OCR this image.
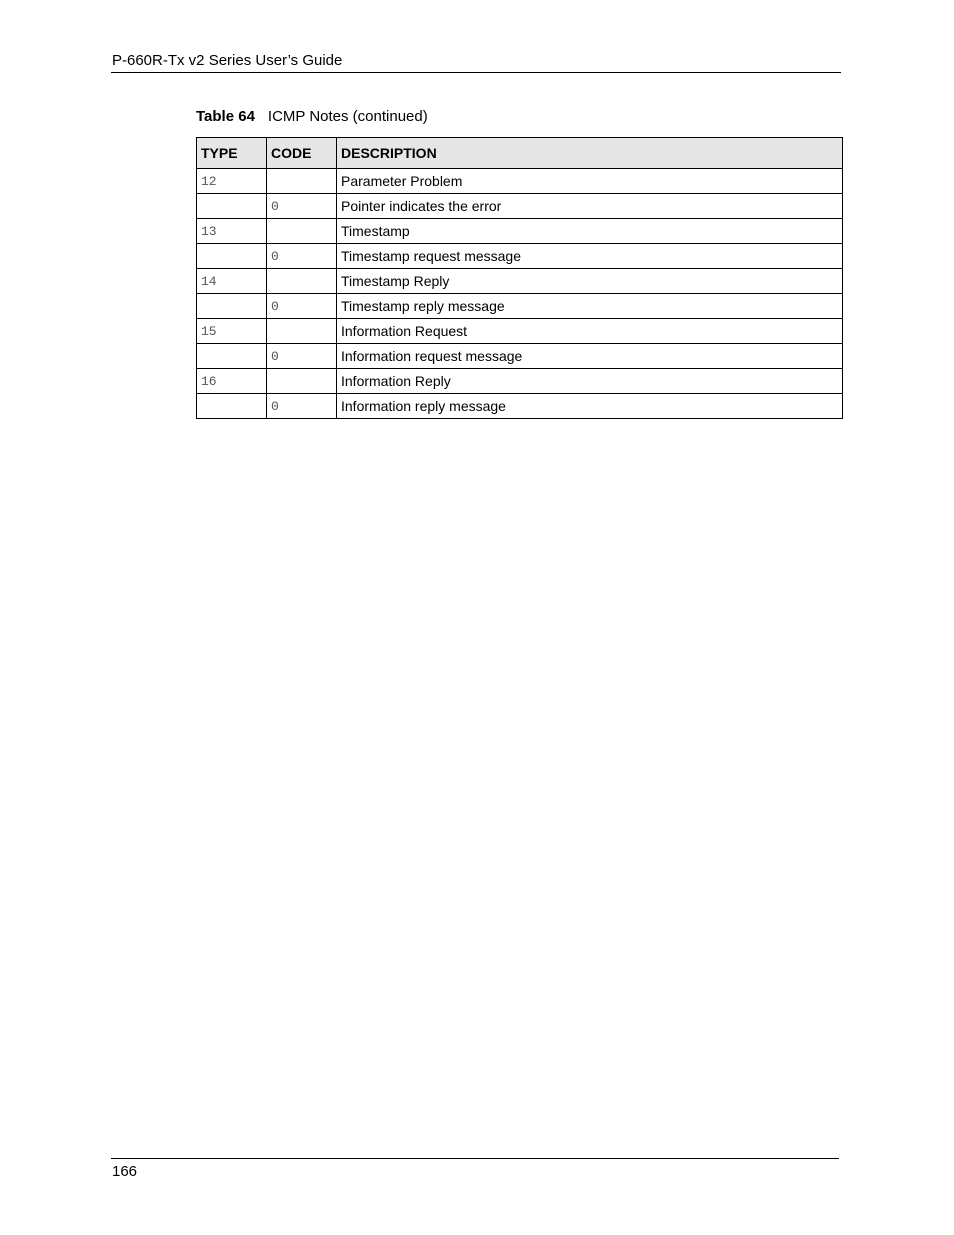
P-660R-Tx v2 Series User’s Guide
Table 64 ICMP Notes (continued)
TYPE	CODE	DESCRIPTION
12		Parameter Problem
	0	Pointer indicates the error
13		Timestamp
	0	Timestamp request message
14		Timestamp Reply
	0	Timestamp reply message
15		Information Request
	0	Information request message
16		Information Reply
	0	Information reply message
166
